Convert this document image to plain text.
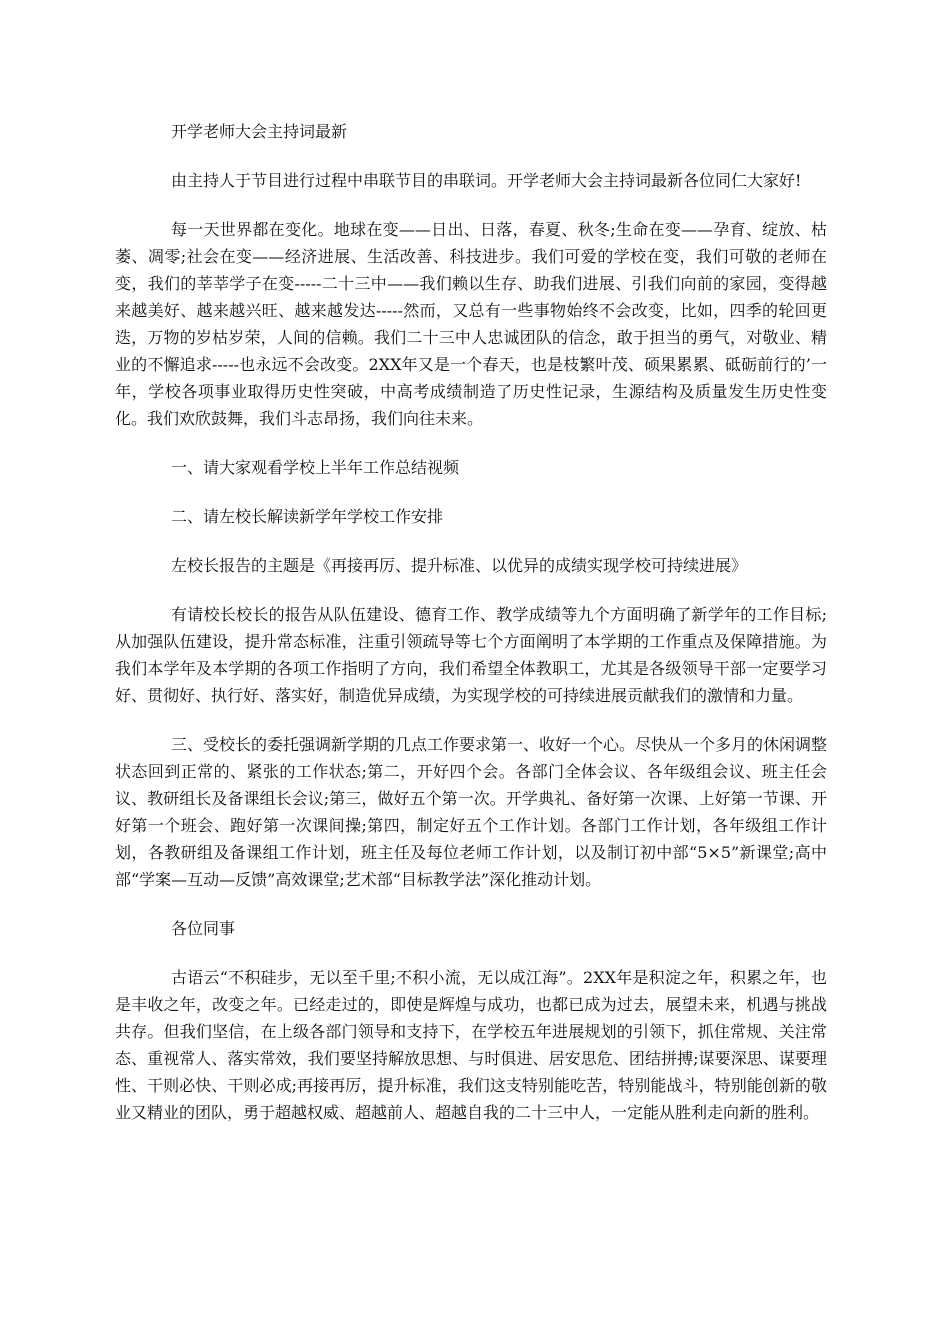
开学老师大会主持词最新

由主持人于节目进行过程中串联节目的串联词。开学老师大会主持词最新各位同仁大家好!

每一天世界都在变化。地球在变——日出、日落，春夏、秋冬;生命在变——孕育、绽放、枯萎、凋零;社会在变——经济进展、生活改善、科技进步。我们可爱的学校在变，我们可敬的老师在变，我们的莘莘学子在变-----二十三中——我们赖以生存、助我们进展、引我们向前的家园，变得越来越美好、越来越兴旺、越来越发达-----然而，又总有一些事物始终不会改变，比如，四季的轮回更迭，万物的岁枯岁荣，人间的信赖。我们二十三中人忠诚团队的信念，敢于担当的勇气，对敬业、精业的不懈追求-----也永远不会改变。2XX年又是一个春天，也是枝繁叶茂、硕果累累、砥砺前行的’一年，学校各项事业取得历史性突破，中高考成绩制造了历史性记录，生源结构及质量发生历史性变化。我们欢欣鼓舞，我们斗志昂扬，我们向往未来。

一、请大家观看学校上半年工作总结视频

二、请左校长解读新学年学校工作安排

左校长报告的主题是《再接再厉、提升标准、以优异的成绩实现学校可持续进展》

有请校长校长的报告从队伍建设、德育工作、教学成绩等九个方面明确了新学年的工作目标;从加强队伍建设，提升常态标准，注重引领疏导等七个方面阐明了本学期的工作重点及保障措施。为我们本学年及本学期的各项工作指明了方向，我们希望全体教职工，尤其是各级领导干部一定要学习好、贯彻好、执行好、落实好，制造优异成绩，为实现学校的可持续进展贡献我们的激情和力量。

三、受校长的委托强调新学期的几点工作要求第一、收好一个心。尽快从一个多月的休闲调整状态回到正常的、紧张的工作状态;第二，开好四个会。各部门全体会议、各年级组会议、班主任会议、教研组长及备课组长会议;第三，做好五个第一次。开学典礼、备好第一次课、上好第一节课、开好第一个班会、跑好第一次课间操;第四，制定好五个工作计划。各部门工作计划，各年级组工作计划，各教研组及备课组工作计划，班主任及每位老师工作计划，以及制订初中部“5×5”新课堂;高中部“学案—互动—反馈”高效课堂;艺术部“目标教学法”深化推动计划。

各位同事

古语云“不积硅步，无以至千里;不积小流，无以成江海”。2XX年是积淀之年，积累之年，也是丰收之年，改变之年。已经走过的，即使是辉煌与成功，也都已成为过去，展望未来，机遇与挑战共存。但我们坚信，在上级各部门领导和支持下，在学校五年进展规划的引领下，抓住常规、关注常态、重视常人、落实常效，我们要坚持解放思想、与时俱进、居安思危、团结拼搏;谋要深思、谋要理性、干则必快、干则必成;再接再厉，提升标准，我们这支特别能吃苦，特别能战斗，特别能创新的敬业又精业的团队，勇于超越权威、超越前人、超越自我的二十三中人，一定能从胜利走向新的胜利。
